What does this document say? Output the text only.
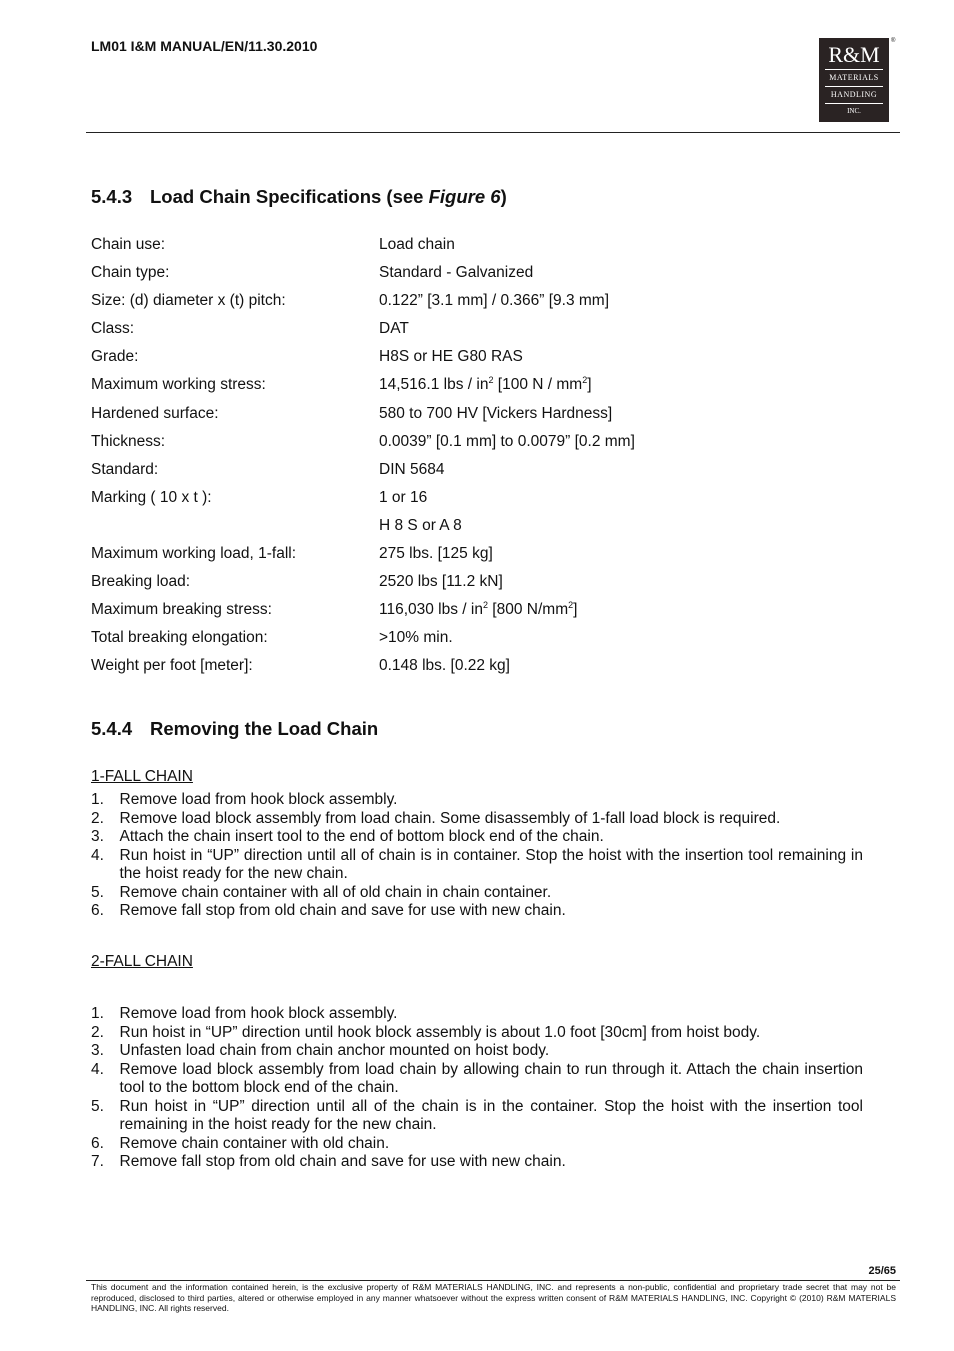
LM01 I&M MANUAL/EN/11.30.2010	R&M
MATERIALS
HANDLING
INC.
®
5.4.3 Load Chain Specifications (see Figure 6)
Chain use:	Load chain
Chain type:	Standard - Galvanized
Size: (d) diameter x (t) pitch:	0.122” [3.1 mm] / 0.366” [9.3 mm]
Class:	DAT
Grade:	H8S or HE G80 RAS
Maximum working stress:	14,516.1 lbs / $in^2$ [100 N / $mm^2$]
Hardened surface:	580 to 700 HV [Vickers Hardness]
Thickness:	0.0039” [0.1 mm] to 0.0079” [0.2 mm]
Standard:	DIN 5684
Marking ( 10 x t ):	1 or 16
H 8 S or A 8
Maximum working load, 1-fall:	275 lbs. [125 kg]
Breaking load:	2520 lbs [11.2 kN]
Maximum breaking stress:	116,030 lbs / $in^2$ [800 $N/mm^2$]
Total breaking elongation:	>10% min.
Weight per foot [meter]:	0.148 lbs. [0.22 kg]
5.4.4 Removing the Load Chain
1-FALL CHAIN
1. Remove load from hook block assembly.
2. Remove load block assembly from load chain. Some disassembly of 1-fall load block is required.
3. Attach the chain insert tool to the end of bottom block end of the chain.
4. Run hoist in “UP” direction until all of chain is in container. Stop the hoist with the insertion tool remaining in the hoist ready for the new chain.
5. Remove chain container with all of old chain in chain container.
6. Remove fall stop from old chain and save for use with new chain.
2-FALL CHAIN
1. Remove load from hook block assembly.
2. Run hoist in “UP” direction until hook block assembly is about 1.0 foot [30cm] from hoist body.
3. Unfasten load chain from chain anchor mounted on hoist body.
4. Remove load block assembly from load chain by allowing chain to run through it. Attach the chain insertion tool to the bottom block end of the chain.
5. Run hoist in “UP” direction until all of the chain is in the container. Stop the hoist with the insertion tool remaining in the hoist ready for the new chain.
6. Remove chain container with old chain.
7. Remove fall stop from old chain and save for use with new chain.
25/65
This document and the information contained herein, is the exclusive property of R&M MATERIALS HANDLING, INC. and represents a non-public, confidential and proprietary trade secret that may not be reproduced, disclosed to third parties, altered or otherwise employed in any manner whatsoever without the express written consent of R&M MATERIALS HANDLING, INC. Copyright © (2010) R&M MATERIALS HANDLING, INC. All rights reserved.
